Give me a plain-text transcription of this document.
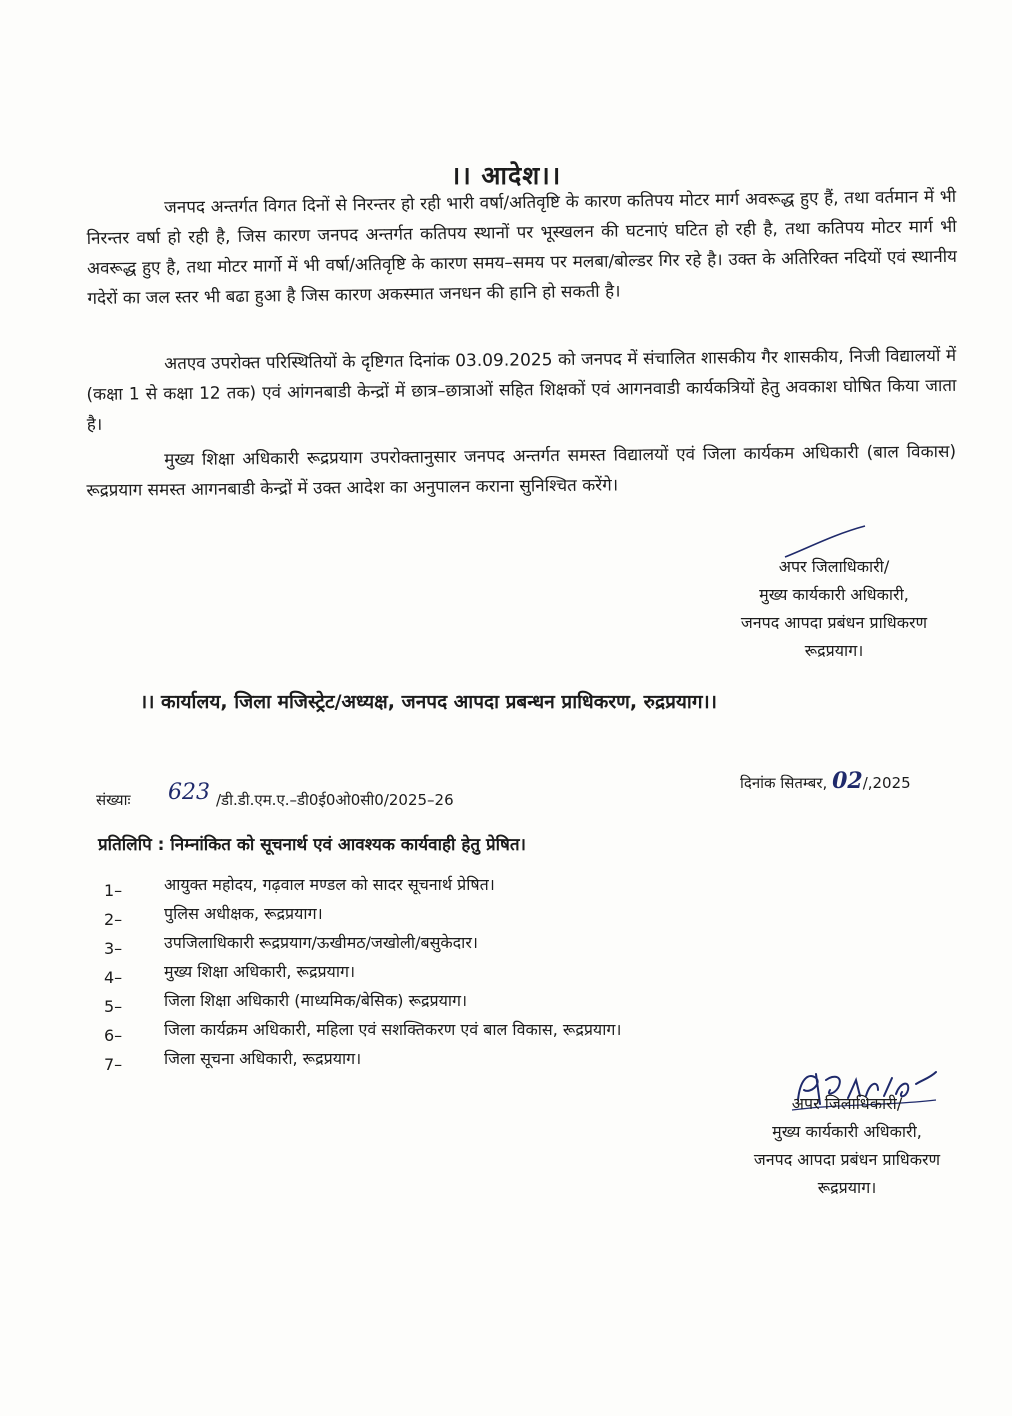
।। आदेश।।
जनपद अन्तर्गत विगत दिनों से निरन्तर हो रही भारी वर्षा/अतिवृष्टि के कारण कतिपय मोटर मार्ग अवरूद्ध हुए हैं, तथा वर्तमान में भी निरन्तर वर्षा हो रही है, जिस कारण जनपद अन्तर्गत कतिपय स्थानों पर भूस्खलन की घटनाएं घटित हो रही है, तथा कतिपय मोटर मार्ग भी अवरूद्ध हुए है, तथा मोटर मार्गो में भी वर्षा/अतिवृष्टि के कारण समय–समय पर मलबा/बोल्डर गिर रहे है। उक्त के अतिरिक्त नदियों एवं स्थानीय गदेरों का जल स्तर भी बढा हुआ है जिस कारण अकस्मात जनधन की हानि हो सकती है।
अतएव उपरोक्त परिस्थितियों के दृष्टिगत दिनांक 03.09.2025 को जनपद में संचालित शासकीय गैर शासकीय, निजी विद्यालयों में (कक्षा 1 से कक्षा 12 तक) एवं आंगनबाडी केन्द्रों में छात्र–छात्राओं सहित शिक्षकों एवं आगनवाडी कार्यकत्रियों हेतु अवकाश घोषित किया जाता है।
मुख्य शिक्षा अधिकारी रूद्रप्रयाग उपरोक्तानुसार जनपद अन्तर्गत समस्त विद्यालयों एवं जिला कार्यकम अधिकारी (बाल विकास) रूद्रप्रयाग समस्त आगनबाडी केन्द्रों में उक्त आदेश का अनुपालन कराना सुनिश्चित करेंगे।
अपर जिलाधिकारी/
मुख्य कार्यकारी अधिकारी,
जनपद आपदा प्रबंधन प्राधिकरण
रूद्रप्रयाग।
।। कार्यालय, जिला मजिस्ट्रेट/अध्यक्ष, जनपद आपदा प्रबन्धन प्राधिकरण, रुद्रप्रयाग।।
संख्याः 623 /डी.डी.एम.ए.–डी0ई0ओ0सी0/2025–26
दिनांक सितम्बर, 02/,2025
प्रतिलिपि : निम्नांकित को सूचनार्थ एवं आवश्यक कार्यवाही हेतु प्रेषित।
1–	आयुक्त महोदय, गढ़वाल मण्डल को सादर सूचनार्थ प्रेषित।
2–	पुलिस अधीक्षक, रूद्रप्रयाग।
3–	उपजिलाधिकारी रूद्रप्रयाग/ऊखीमठ/जखोली/बसुकेदार।
4–	मुख्य शिक्षा अधिकारी, रूद्रप्रयाग।
5–	जिला शिक्षा अधिकारी (माध्यमिक/बेसिक) रूद्रप्रयाग।
6–	जिला कार्यक्रम अधिकारी, महिला एवं सशक्तिकरण एवं बाल विकास, रूद्रप्रयाग।
7–	जिला सूचना अधिकारी, रूद्रप्रयाग।
अपर जिलाधिकारी/
मुख्य कार्यकारी अधिकारी,
जनपद आपदा प्रबंधन प्राधिकरण
रूद्रप्रयाग।
